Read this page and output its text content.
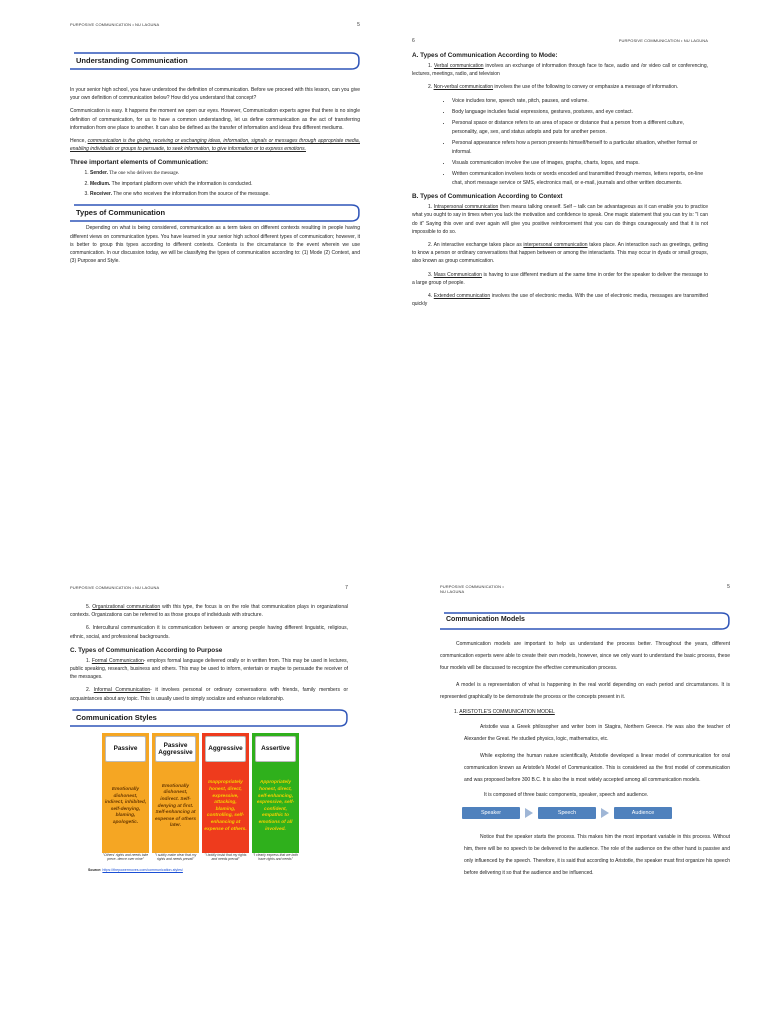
PURPOSIVE COMMUNICATION • NU LAGUNA	5
Understanding Communication

In your senior high school, you have understood the definition of communication. Before we proceed with this lesson, can you give your own definition of communication below? How did you understand that concept?

Communication is easy. It happens the moment we open our eyes. However, Communication experts agree that there is no single definition of communication, for us to have a common understanding, let us define communication as the act of transferring information from one place to another. It can also be defined as the transfer of information and ideas thru different mediums.

Hence, communication is the giving, receiving or exchanging ideas, information, signals or messages through appropriate media, enabling individuals or groups to persuade, to seek information, to give information or to express emotions.

Three important elements of Communication:
1. Sender. The one who delivers the message.
2. Medium. The important platform over which the information is conducted.
3. Receiver. The one who receives the information from the source of the message.
Types of Communication

Depending on what is being considered, communication as a term takes on different contexts resulting in people having different views on communication types. You have learned in your senior high school different types of communication; however, it is better to group this types according to different contexts. Contexts is the circumstance to the event wherein we use communication. In our discussion today, we will be classifying the types of communication according to: (1) Mode (2) Context, and (3) Purpose and Style.

6	PURPOSIVE COMMUNICATION • NU LAGUNA
A. Types of Communication According to Mode:

1. Verbal communication involves an exchange of information through face to face, audio and /or video call or conferencing, lectures, meetings, radio, and television

2. Non-verbal communication involves the use of the following to convey or emphasize a message of information.

• Voice includes tone, speech rate, pitch, pauses, and volume.
• Body language includes facial expressions, gestures, postures, and eye contact.
• Personal space or distance refers to an area of space or distance that a person from a different culture, personality, age, sex, and status adopts and puts for another person.
• Personal appearance refers how a person presents himself/herself to a particular situation, whether formal or informal.
• Visuals communication involve the use of images, graphs, charts, logos, and maps.
• Written communication involves texts or words encoded and transmitted through memos, letters reports, on-line chat, short message service or SMS, electronics mail, or e-mail, journals and other written documents.
B. Types of Communication According to Context

1. Intrapersonal communication then means talking oneself. Self – talk can be advantageous as it can enable you to practice what you ought to say in times when you lack the motivation and confidence to speak. One magic statement that you can try is: "I can do it" Saying this over and over again will give you positive reinforcement that you can do things courageously and that it is not impossible to do so.

2. An interactive exchange takes place as interpersonal communication takes place. An interaction such as greetings, getting to know a person or ordinary conversations that happen between or among the interactants. This may occur in dyads or small groups, also known as group communication.

3. Mass Communication is having to use different medium at the same time in order for the speaker to deliver the message to a large group of people.

4. Extended communication involves the use of electronic media. With the use of electronic media, messages are transmitted quickly

PURPOSIVE COMMUNICATION • NU LAGUNA	7

5. Organizational communication with this type, the focus is on the role that communication plays in organizational contexts. Organizations can be referred to as those groups of individuals with structure.

6. Intercultural communication it is communication between or among people having different linguistic, religious, ethnic, social, and professional backgrounds.

C. Types of Communication According to Purpose

1. Formal Communication- employs formal language delivered orally or in written from. This may be used in lectures, public speaking, research, business and others. This may be used to inform, entertain or maybe to persuade the receiver of the messages.

2. Informal Communication- it involves personal or ordinary conversations with friends, family members or acquaintances about any topic. This is usually used to simply socialize and enhance relationship.

Communication Styles
Passive
Emotionally dishonest, indirect, inhibited, self-denying, blaming, apologetic.
"Others' rights and needs take prece- dence over mine"
Passive Aggressive
Emotionally dishonest, indirect. Self-denying at first. Self-enhancing at expense of others later.
"I subtly make clear that my rights and needs prevail"
Aggressive
Inappropriately honest, direct, expressive, attacking, blaming, controlling, self-enhancing at expense of others.
"I boldly insist that my rights and needs prevail"
Assertive
Appropriately honest, direct, self-enhancing, expressive, self-confident, empathic to emotions of all involved.
"I clearly express that we both have rights and needs"
Source: https://thepowermoves.com/communication-styles/
PURPOSIVE COMMUNICATION •
NU LAGUNA
5
Communication Models

Communication models are important to help us understand the process better. Throughout the years, different communication experts were able to create their own models, however, since we only want to understand the basic process, these four models will be discussed to recognize the effective communication process.

A model is a representation of what is happening in the real world depending on each period and circumstances. It is represented graphically to be demonstrate the process or the concepts present in it.

1. ARISTOTLE'S COMMUNICATION MODEL

Aristotle was a Greek philosopher and writer born in Stagira, Northern Greece. He was also the teacher of Alexander the Great. He studied physics, logic, mathematics, etc.

While exploring the human nature scientifically, Aristotle developed a linear model of communication for oral communication known as Aristotle's Model of Communication. This is considered as the first model of communication and was proposed before 300 B.C. It is also the is most widely accepted among all communication models.

It is composed of three basic components, speaker, speech and audience.

Speaker	Speech	Audience

Notice that the speaker starts the process. This makes him the most important variable in this process. Without him, there will be no speech to be delivered to the audience. The role of the audience on the other hand is passive and only influenced by the speech. Therefore, it is said that according to Aristotle, the speaker must first organize his speech before delivering it so that the audience and be influenced.
